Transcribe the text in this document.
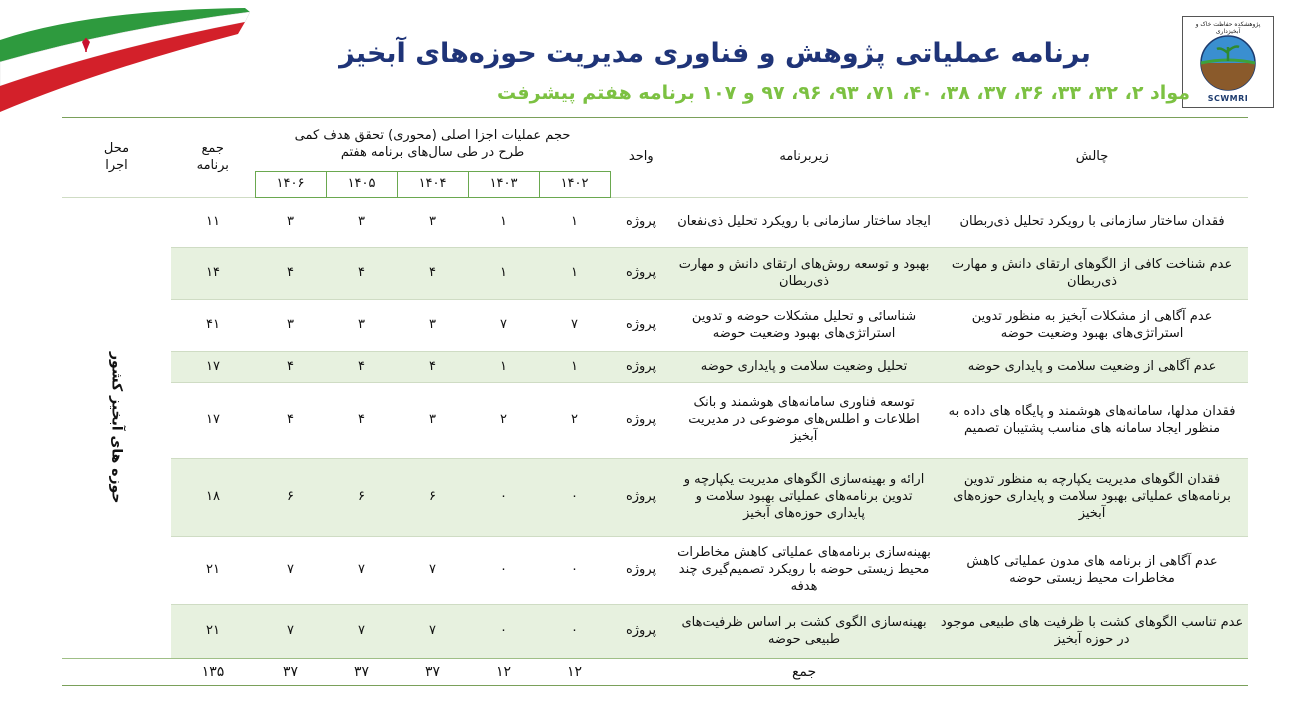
پژوهشکده حفاظت خاک و آبخیزداری
SCWMRI
برنامه عملیاتی پژوهش و فناوری مدیریت حوزه‌های آبخیز
مواد ۲، ۳۲، ۳۳، ۳۶، ۳۷، ۳۸، ۴۰، ۷۱، ۹۳، ۹۶، ۹۷ و ۱۰۷ برنامه هفتم پیشرفت
چالش	زیربرنامه	واحد	حجم عملیات اجزا اصلی (محوری) تحقق هدف کمی
طرح در طی سال‌های برنامه هفتم					جمع برنامه	محل اجرا
			۱۴۰۲	۱۴۰۳	۱۴۰۴	۱۴۰۵	۱۴۰۶		
فقدان ساختار سازمانی با رویکرد تحلیل ذی‌ربطان	ایجاد ساختار سازمانی با رویکرد تحلیل ذی‌نفعان	پروژه	۱	۱	۳	۳	۳	۱۱	حوزه های آبخیز کشور

عدم شناخت کافی از الگوهای ارتقای دانش و مهارت ذی‌ربطان	بهبود و توسعه روش‌های ارتقای دانش و مهارت ذی‌ربطان	پروژه	۱	۱	۴	۴	۴	۱۴	
عدم آگاهی از مشکلات آبخیز به منظور تدوین استراتژی‌های بهبود وضعیت حوضه	شناسائی و تحلیل مشکلات حوضه و تدوین استراتژی‌های بهبود وضعیت حوضه	پروژه	۷	۷	۳	۳	۳	۴۱	
عدم آگاهی از وضعیت سلامت و پایداری حوضه	تحلیل وضعیت سلامت و پایداری حوضه	پروژه	۱	۱	۴	۴	۴	۱۷	
فقدان مدلها، سامانه‌های هوشمند و پایگاه های داده به منظور ایجاد سامانه های مناسب پشتیبان تصمیم	توسعه فناوری سامانه‌های هوشمند و بانک اطلاعات و اطلس‌های موضوعی در مدیریت آبخیز	پروژه	۲	۲	۳	۴	۴	۱۷	
فقدان الگوهای مدیریت یکپارچه به منظور تدوین برنامه‌های عملیاتی بهبود سلامت و پایداری حوزه‌های آبخیز	ارائه و بهینه‌سازی الگوهای مدیریت یکپارچه و تدوین برنامه‌های عملیاتی بهبود سلامت و پایداری حوزه‌های آبخیز	پروژه	۰	۰	۶	۶	۶	۱۸	
عدم آگاهی از برنامه های مدون عملیاتی کاهش مخاطرات محیط زیستی حوضه	بهینه‌سازی برنامه‌های عملیاتی کاهش مخاطرات محیط زیستی حوضه با رویکرد تصمیم‌گیری چند هدفه	پروژه	۰	۰	۷	۷	۷	۲۱	
عدم تناسب الگوهای کشت با ظرفیت های طبیعی موجود در حوزه آبخیز	بهینه‌سازی الگوی کشت بر اساس ظرفیت‌های طبیعی حوضه	پروژه	۰	۰	۷	۷	۷	۲۱	
	جمع		۱۲	۱۲	۳۷	۳۷	۳۷	۱۳۵	
